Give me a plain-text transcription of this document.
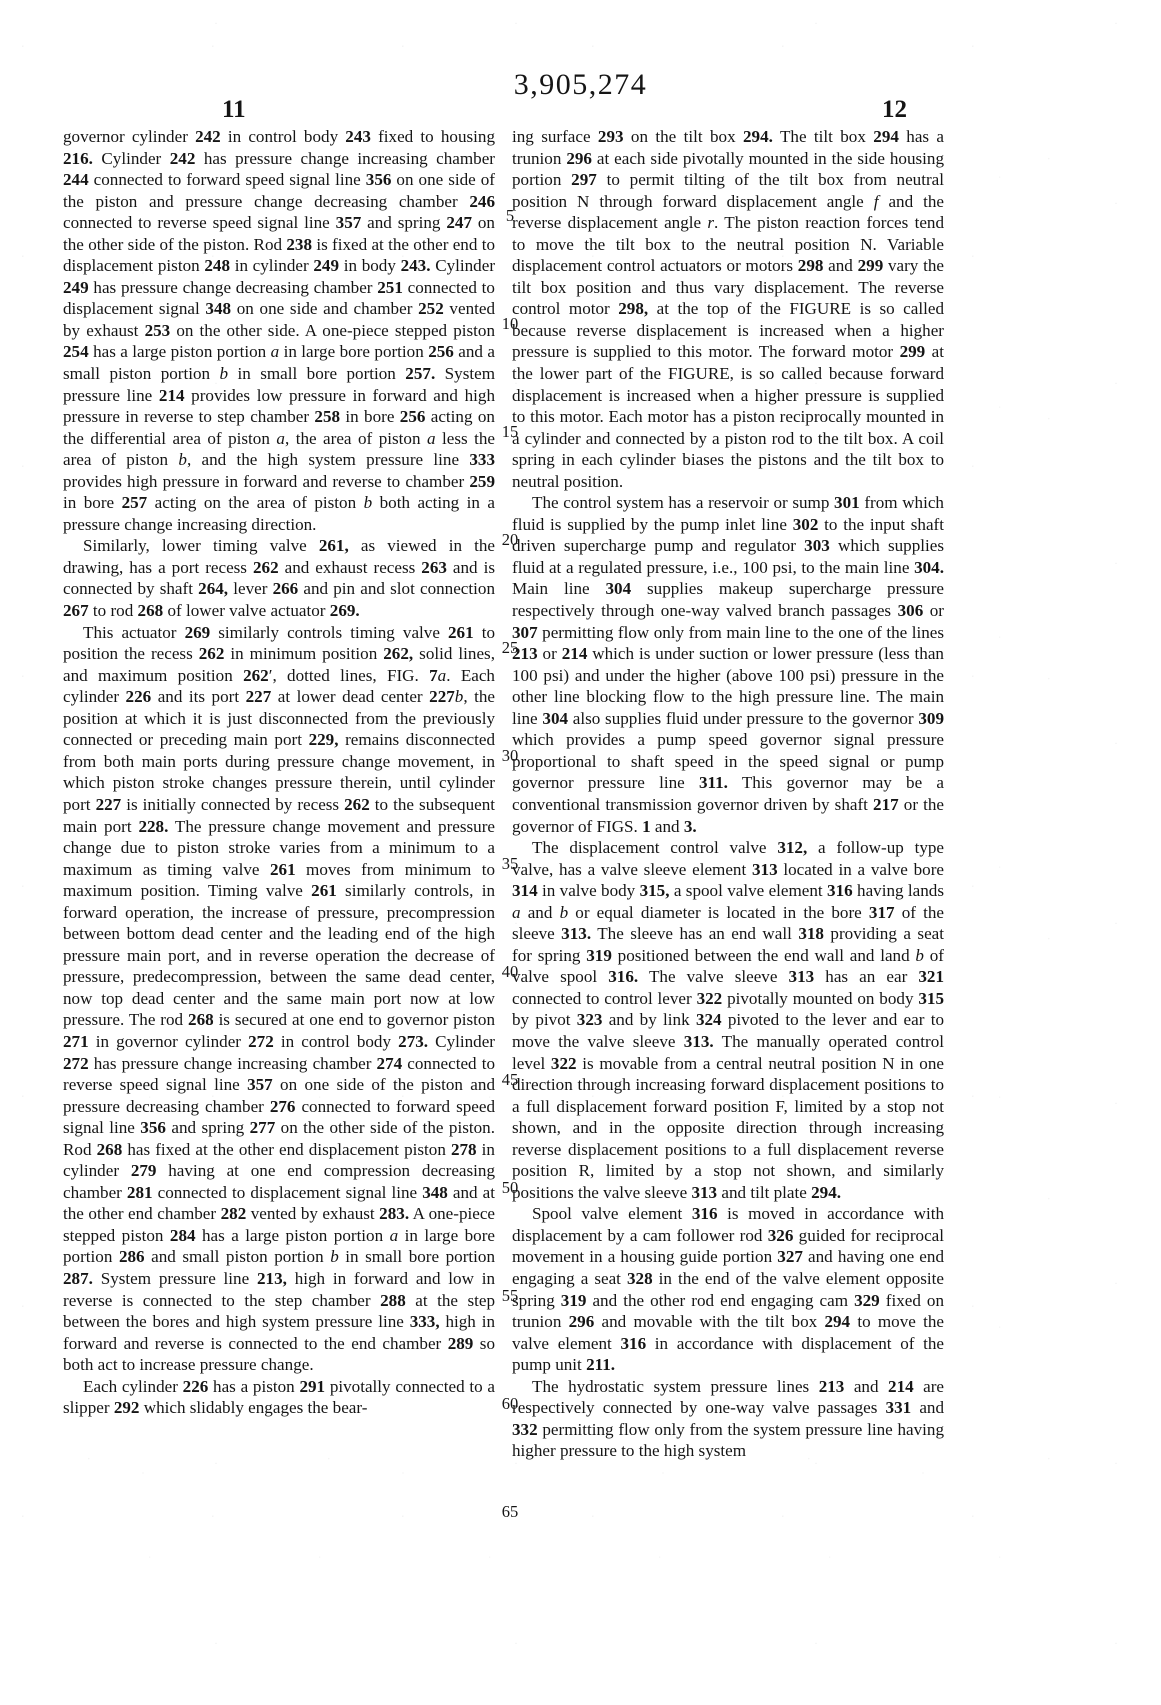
3,905,274
11	12

governor cylinder 242 in control body 243 fixed to housing 216. Cylinder 242 has pressure change increasing chamber 244 connected to forward speed signal line 356 on one side of the piston and pressure change decreasing chamber 246 connected to reverse speed signal line 357 and spring 247 on the other side of the piston. Rod 238 is fixed at the other end to displacement piston 248 in cylinder 249 in body 243. Cylinder 249 has pressure change decreasing chamber 251 connected to displacement signal 348 on one side and chamber 252 vented by exhaust 253 on the other side. A one-piece stepped piston 254 has a large piston portion a in large bore portion 256 and a small piston portion b in small bore portion 257. System pressure line 214 provides low pressure in forward and high pressure in reverse to step chamber 258 in bore 256 acting on the differential area of piston a, the area of piston a less the area of piston b, and the high system pressure line 333 provides high pressure in forward and reverse to chamber 259 in bore 257 acting on the area of piston b both acting in a pressure change increasing direction.

Similarly, lower timing valve 261, as viewed in the drawing, has a port recess 262 and exhaust recess 263 and is connected by shaft 264, lever 266 and pin and slot connection 267 to rod 268 of lower valve actuator 269.

This actuator 269 similarly controls timing valve 261 to position the recess 262 in minimum position 262, solid lines, and maximum position 262′, dotted lines, FIG. 7a. Each cylinder 226 and its port 227 at lower dead center 227b, the position at which it is just disconnected from the previously connected or preceding main port 229, remains disconnected from both main ports during pressure change movement, in which piston stroke changes pressure therein, until cylinder port 227 is initially connected by recess 262 to the subsequent main port 228. The pressure change movement and pressure change due to piston stroke varies from a minimum to a maximum as timing valve 261 moves from minimum to maximum position. Timing valve 261 similarly controls, in forward operation, the increase of pressure, precompression between bottom dead center and the leading end of the high pressure main port, and in reverse operation the decrease of pressure, predecompression, between the same dead center, now top dead center and the same main port now at low pressure. The rod 268 is secured at one end to governor piston 271 in governor cylinder 272 in control body 273. Cylinder 272 has pressure change increasing chamber 274 connected to reverse speed signal line 357 on one side of the piston and pressure decreasing chamber 276 connected to forward speed signal line 356 and spring 277 on the other side of the piston. Rod 268 has fixed at the other end displacement piston 278 in cylinder 279 having at one end compression decreasing chamber 281 connected to displacement signal line 348 and at the other end chamber 282 vented by exhaust 283. A one-piece stepped piston 284 has a large piston portion a in large bore portion 286 and small piston portion b in small bore portion 287. System pressure line 213, high in forward and low in reverse is connected to the step chamber 288 at the step between the bores and high system pressure line 333, high in forward and reverse is connected to the end chamber 289 so both act to increase pressure change.

Each cylinder 226 has a piston 291 pivotally connected to a slipper 292 which slidably engages the bear-

ing surface 293 on the tilt box 294. The tilt box 294 has a trunion 296 at each side pivotally mounted in the side housing portion 297 to permit tilting of the tilt box from neutral position N through forward displacement angle f and the reverse displacement angle r. The piston reaction forces tend to move the tilt box to the neutral position N. Variable displacement control actuators or motors 298 and 299 vary the tilt box position and thus vary displacement. The reverse control motor 298, at the top of the FIGURE is so called because reverse displacement is increased when a higher pressure is supplied to this motor. The forward motor 299 at the lower part of the FIGURE, is so called because forward displacement is increased when a higher pressure is supplied to this motor. Each motor has a piston reciprocally mounted in a cylinder and connected by a piston rod to the tilt box. A coil spring in each cylinder biases the pistons and the tilt box to neutral position.

The control system has a reservoir or sump 301 from which fluid is supplied by the pump inlet line 302 to the input shaft driven supercharge pump and regulator 303 which supplies fluid at a regulated pressure, i.e., 100 psi, to the main line 304. Main line 304 supplies makeup supercharge pressure respectively through one-way valved branch passages 306 or 307 permitting flow only from main line to the one of the lines 213 or 214 which is under suction or lower pressure (less than 100 psi) and under the higher (above 100 psi) pressure in the other line blocking flow to the high pressure line. The main line 304 also supplies fluid under pressure to the governor 309 which provides a pump speed governor signal pressure proportional to shaft speed in the speed signal or pump governor pressure line 311. This governor may be a conventional transmission governor driven by shaft 217 or the governor of FIGS. 1 and 3.

The displacement control valve 312, a follow-up type valve, has a valve sleeve element 313 located in a valve bore 314 in valve body 315, a spool valve element 316 having lands a and b or equal diameter is located in the bore 317 of the sleeve 313. The sleeve has an end wall 318 providing a seat for spring 319 positioned between the end wall and land b of valve spool 316. The valve sleeve 313 has an ear 321 connected to control lever 322 pivotally mounted on body 315 by pivot 323 and by link 324 pivoted to the lever and ear to move the valve sleeve 313. The manually operated control level 322 is movable from a central neutral position N in one direction through increasing forward displacement positions to a full displacement forward position F, limited by a stop not shown, and in the opposite direction through increasing reverse displacement positions to a full displacement reverse position R, limited by a stop not shown, and similarly positions the valve sleeve 313 and tilt plate 294.

Spool valve element 316 is moved in accordance with displacement by a cam follower rod 326 guided for reciprocal movement in a housing guide portion 327 and having one end engaging a seat 328 in the end of the valve element opposite spring 319 and the other rod end engaging cam 329 fixed on trunion 296 and movable with the tilt box 294 to move the valve element 316 in accordance with displacement of the pump unit 211.

The hydrostatic system pressure lines 213 and 214 are respectively connected by one-way valve passages 331 and 332 permitting flow only from the system pressure line having higher pressure to the high system

5
10
15
20
25
30
35
40
45
50
55
60
65
